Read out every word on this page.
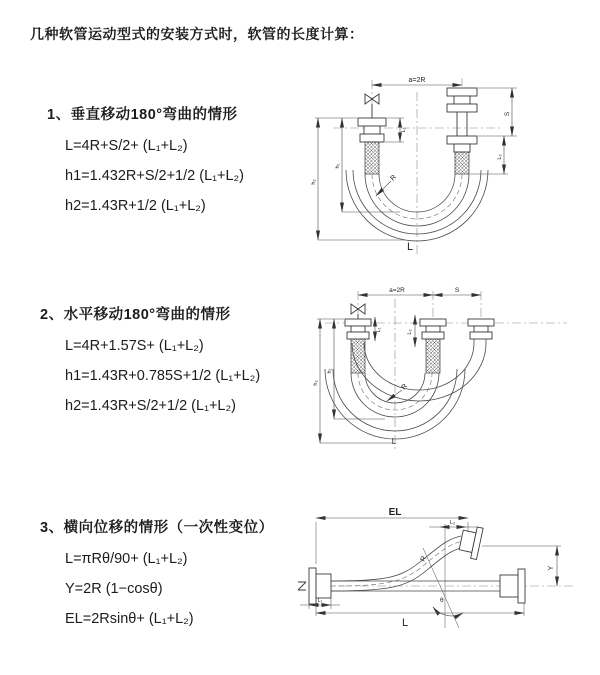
几种软管运动型式的安装方式时，软管的长度计算：
1、垂直移动180°弯曲的情形
L=4R+S/2+ (L₁+L₂)
h1=1.432R+S/2+1/2 (L₁+L₂)
h2=1.43R+1/2 (L₁+L₂)
2、水平移动180°弯曲的情形
L=4R+1.57S+ (L₁+L₂)
h1=1.43R+0.785S+1/2 (L₁+L₂)
h2=1.43R+S/2+1/2 (L₁+L₂)
3、横向位移的情形（一次性变位）
L=πRθ/90+ (L₁+L₂)
Y=2R (1−cosθ)
EL=2Rsinθ+ (L₁+L₂)
a=2R
R
h₂
h₁
L₁
S
L₂
L
a=2R	S
R
h₂
h₁
L₁	L₂
L
θ
R
EL
L₂
Y
L₁
L
